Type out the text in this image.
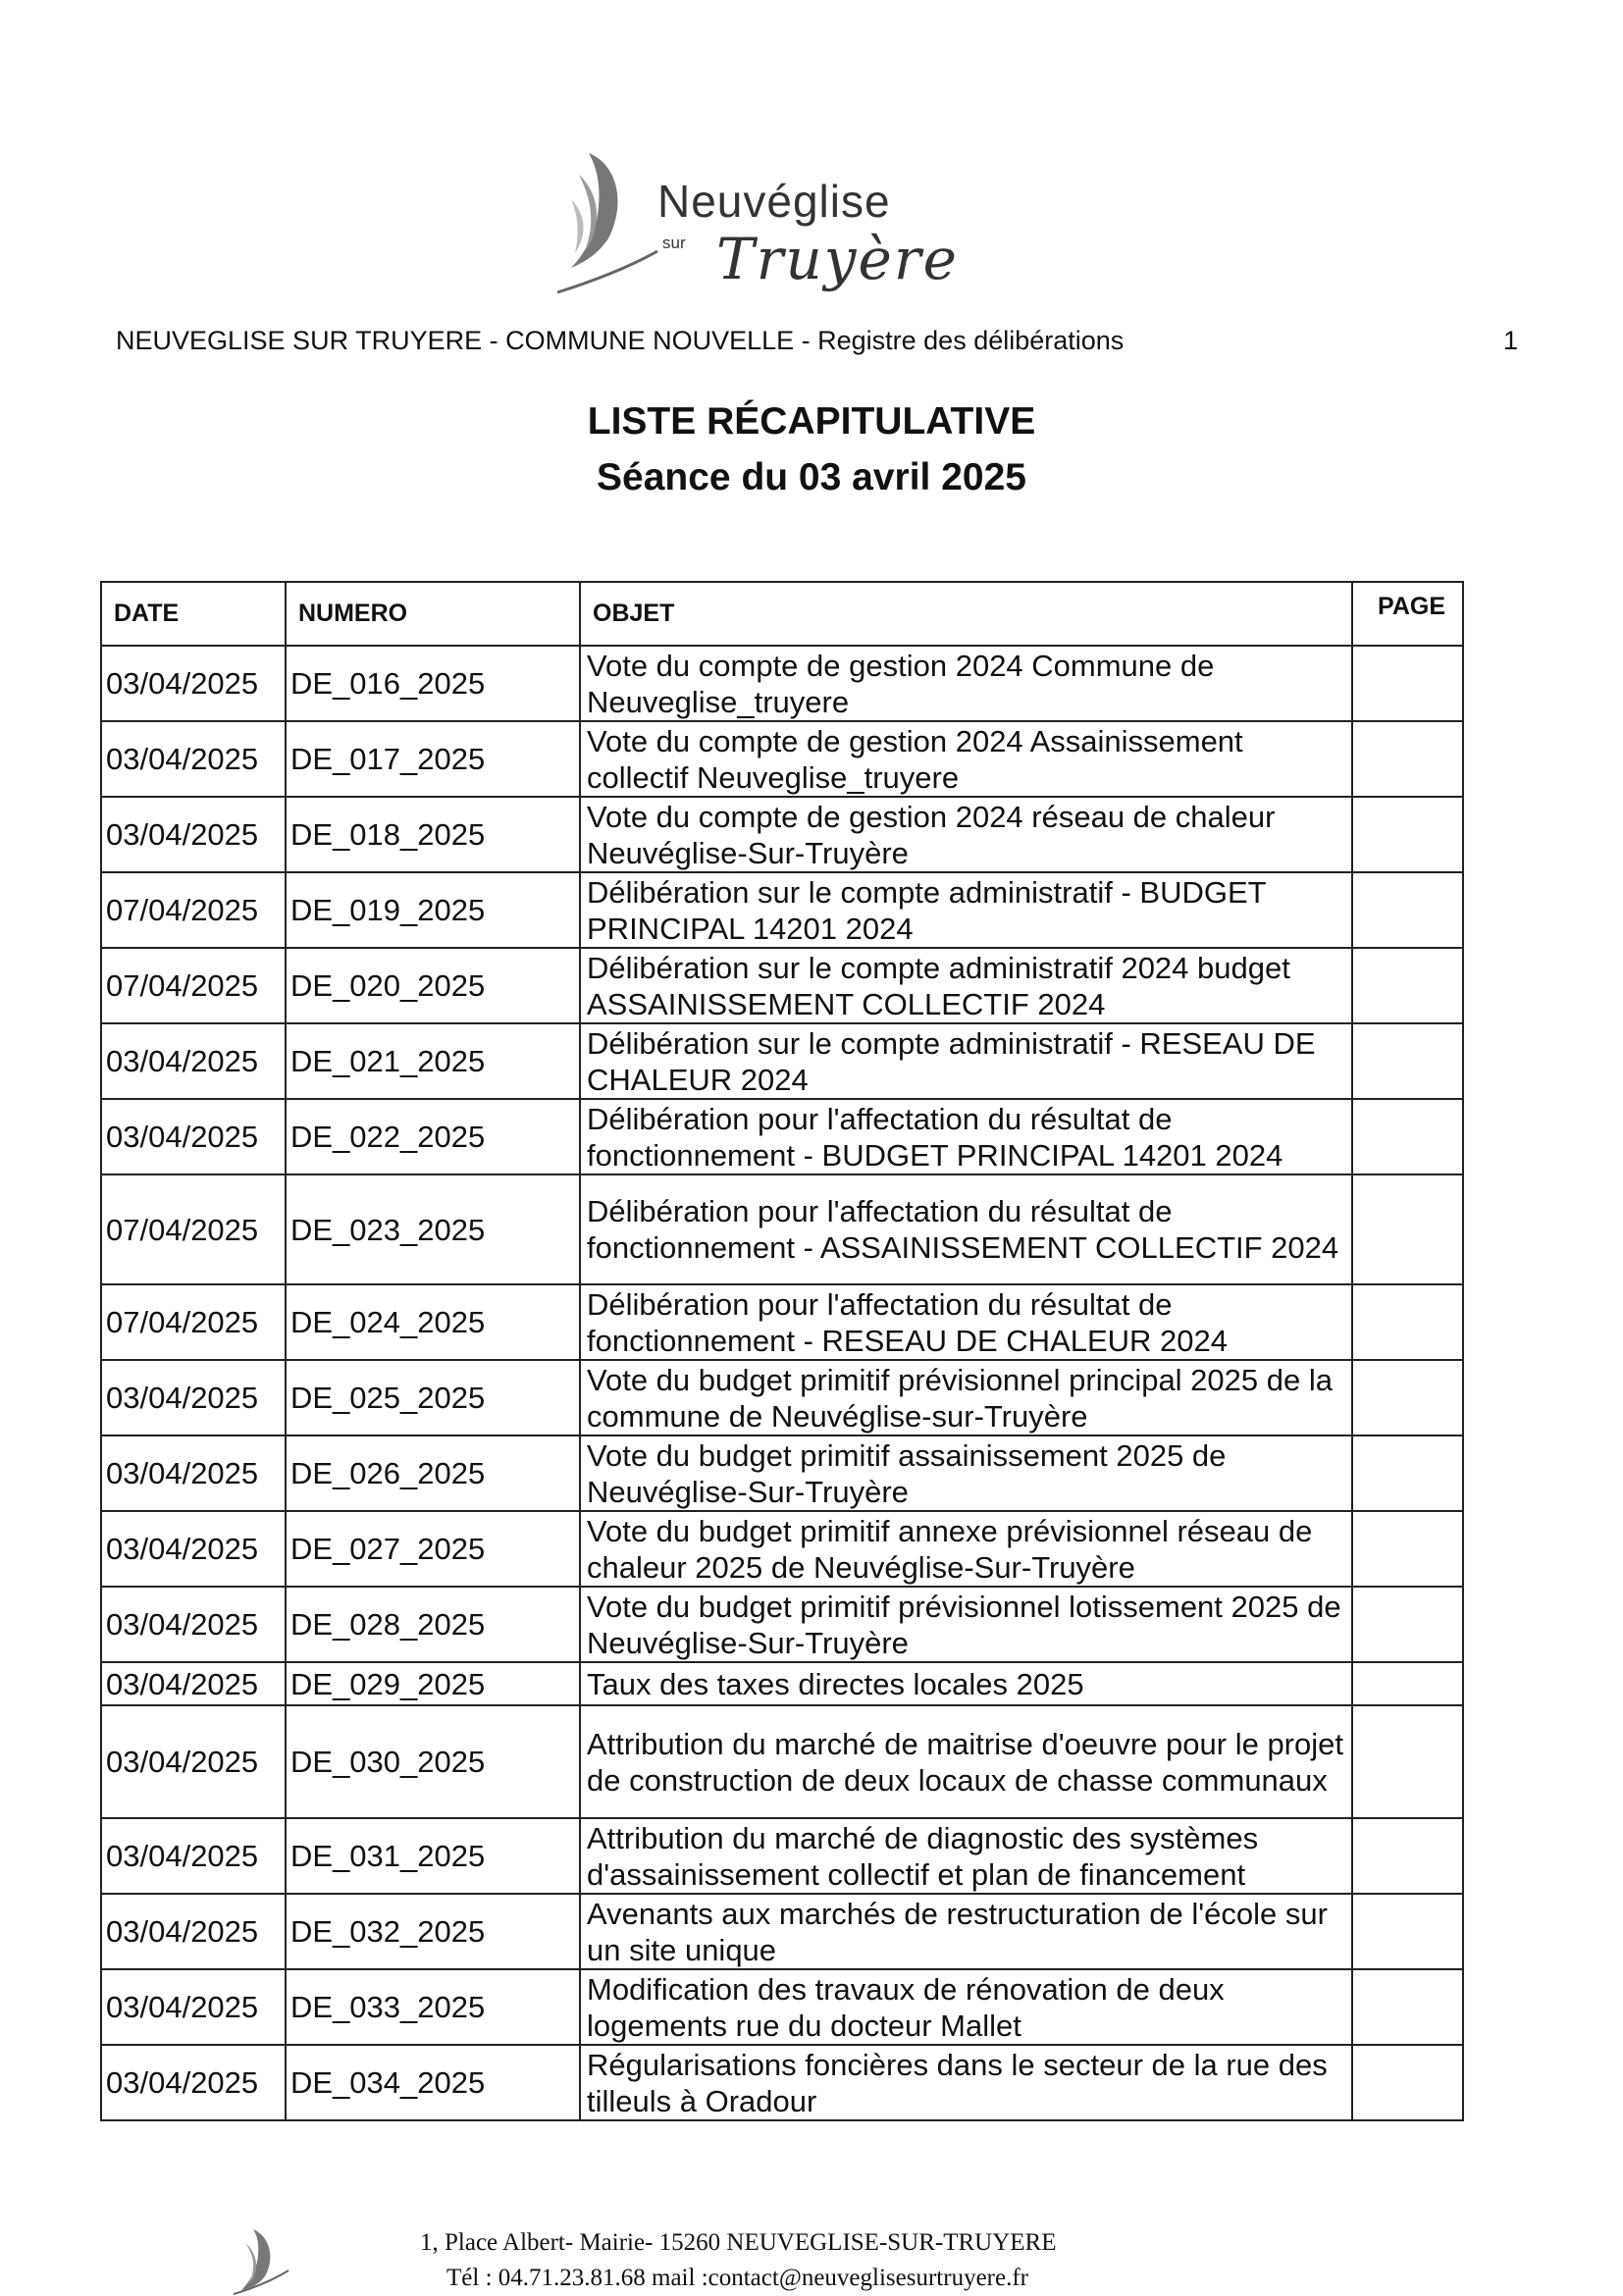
Neuvéglise
sur Truyère
NEUVEGLISE SUR TRUYERE - COMMUNE NOUVELLE - Registre des délibérations	1
LISTE RÉCAPITULATIVE
Séance du 03 avril 2025
DATE	NUMERO	OBJET	PAGE
03/04/2025	DE_016_2025	Vote du compte de gestion 2024 Commune de Neuveglise_truyere	
03/04/2025	DE_017_2025	Vote du compte de gestion 2024 Assainissement collectif Neuveglise_truyere	
03/04/2025	DE_018_2025	Vote du compte de gestion 2024 réseau de chaleur Neuvéglise-Sur-Truyère	
07/04/2025	DE_019_2025	Délibération sur le compte administratif - BUDGET PRINCIPAL 14201 2024	
07/04/2025	DE_020_2025	Délibération sur le compte administratif 2024 budget ASSAINISSEMENT COLLECTIF 2024	
03/04/2025	DE_021_2025	Délibération sur le compte administratif - RESEAU DE CHALEUR 2024	
03/04/2025	DE_022_2025	Délibération pour l'affectation du résultat de fonctionnement - BUDGET PRINCIPAL 14201 2024	
07/04/2025	DE_023_2025	Délibération pour l'affectation du résultat de fonctionnement - ASSAINISSEMENT COLLECTIF 2024	
07/04/2025	DE_024_2025	Délibération pour l'affectation du résultat de fonctionnement - RESEAU DE CHALEUR 2024	
03/04/2025	DE_025_2025	Vote du budget primitif prévisionnel principal 2025 de la commune de Neuvéglise-sur-Truyère	
03/04/2025	DE_026_2025	Vote du budget primitif assainissement 2025 de Neuvéglise-Sur-Truyère	
03/04/2025	DE_027_2025	Vote du budget primitif annexe prévisionnel réseau de chaleur 2025 de Neuvéglise-Sur-Truyère	
03/04/2025	DE_028_2025	Vote du budget primitif prévisionnel lotissement 2025 de Neuvéglise-Sur-Truyère	
03/04/2025	DE_029_2025	Taux des taxes directes locales 2025	
03/04/2025	DE_030_2025	Attribution du marché de maitrise d'oeuvre pour le projet de construction de deux locaux de chasse communaux	
03/04/2025	DE_031_2025	Attribution du marché de diagnostic des systèmes d'assainissement collectif et plan de financement	
03/04/2025	DE_032_2025	Avenants aux marchés de restructuration de l'école sur un site unique	
03/04/2025	DE_033_2025	Modification des travaux de rénovation de deux logements rue du docteur Mallet	
03/04/2025	DE_034_2025	Régularisations foncières dans le secteur de la rue des tilleuls à Oradour	
1, Place Albert- Mairie- 15260 NEUVEGLISE-SUR-TRUYERE
Tél : 04.71.23.81.68 mail :contact@neuveglisesurtruyere.fr
